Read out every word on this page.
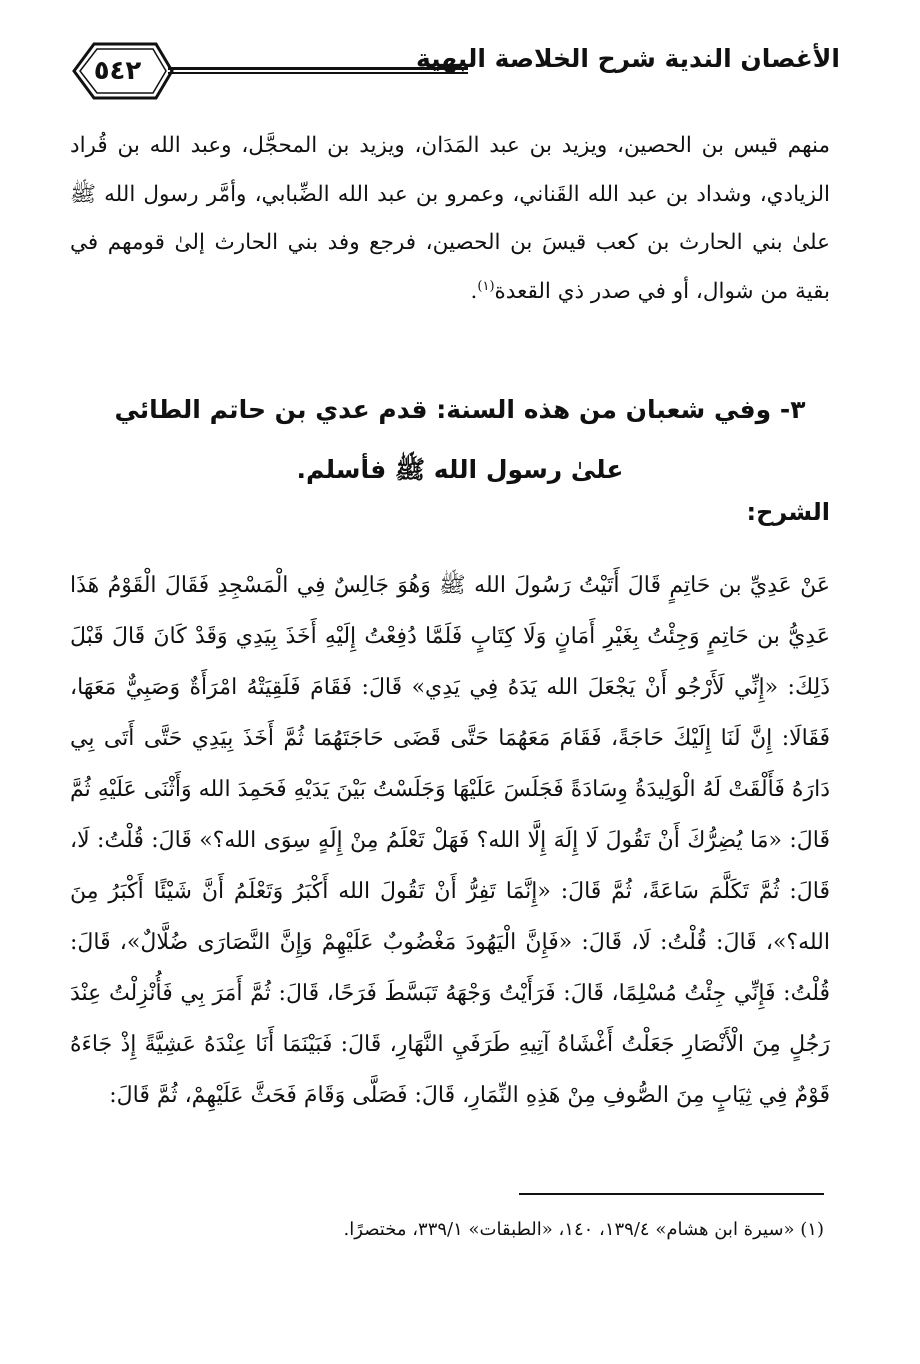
٥٤٢	الأغصان الندية شرح الخلاصة البهية
منهم قيس بن الحصين، ويزيد بن عبد المَدَان، ويزيد بن المحجَّل، وعبد الله بن قُراد الزيادي، وشداد بن عبد الله القَناني، وعمرو بن عبد الله الضِّبابي، وأمَّر رسول الله ﷺ علىٰ بني الحارث بن كعب قيسَ بن الحصين، فرجع وفد بني الحارث إلىٰ قومهم في بقية من شوال، أو في صدر ذي القعدة$^{(١)}$.
٣- وفي شعبان من هذه السنة: قدم عدي بن حاتم الطائي علىٰ رسول الله ﷺ فأسلم.
الشرح:
عَنْ عَدِيِّ بن حَاتِمٍ قَالَ أَتَيْتُ رَسُولَ الله ﷺ وَهُوَ جَالِسٌ فِي الْمَسْجِدِ فَقَالَ الْقَوْمُ هَذَا عَدِيُّ بن حَاتِمٍ وَجِئْتُ بِغَيْرِ أَمَانٍ وَلَا كِتَابٍ فَلَمَّا دُفِعْتُ إِلَيْهِ أَخَذَ بِيَدِي وَقَدْ كَانَ قَالَ قَبْلَ ذَلِكَ: «إِنِّي لَأَرْجُو أَنْ يَجْعَلَ الله يَدَهُ فِي يَدِي» قَالَ: فَقَامَ فَلَقِيَتْهُ امْرَأَةٌ وَصَبِيٌّ مَعَهَا، فَقَالَا: إِنَّ لَنَا إِلَيْكَ حَاجَةً، فَقَامَ مَعَهُمَا حَتَّى قَضَى حَاجَتَهُمَا ثُمَّ أَخَذَ بِيَدِي حَتَّى أَتَى بِي دَارَهُ فَأَلْقَتْ لَهُ الْوَلِيدَةُ وِسَادَةً فَجَلَسَ عَلَيْهَا وَجَلَسْتُ بَيْنَ يَدَيْهِ فَحَمِدَ الله وَأَثْنَى عَلَيْهِ ثُمَّ قَالَ: «مَا يُضِرُّكَ أَنْ تَقُولَ لَا إِلَهَ إِلَّا الله؟ فَهَلْ تَعْلَمُ مِنْ إِلَهٍ سِوَى الله؟» قَالَ: قُلْتُ: لَا، قَالَ: ثُمَّ تَكَلَّمَ سَاعَةً، ثُمَّ قَالَ: «إِنَّمَا تَفِرُّ أَنْ تَقُولَ الله أَكْبَرُ وَتَعْلَمُ أَنَّ شَيْئًا أَكْبَرُ مِنَ الله؟»، قَالَ: قُلْتُ: لَا، قَالَ: «فَإِنَّ الْيَهُودَ مَغْضُوبٌ عَلَيْهِمْ وَإِنَّ النَّصَارَى ضُلَّالٌ»، قَالَ: قُلْتُ: فَإِنِّي جِئْتُ مُسْلِمًا، قَالَ: فَرَأَيْتُ وَجْهَهُ تَبَسَّطَ فَرَحًا، قَالَ: ثُمَّ أَمَرَ بِي فَأُنْزِلْتُ عِنْدَ رَجُلٍ مِنَ الْأَنْصَارِ جَعَلْتُ أَغْشَاهُ آتِيهِ طَرَفَيِ النَّهَارِ، قَالَ: فَبَيْنَمَا أَنَا عِنْدَهُ عَشِيَّةً إِذْ جَاءَهُ قَوْمٌ فِي ثِيَابٍ مِنَ الصُّوفِ مِنْ هَذِهِ النِّمَارِ، قَالَ: فَصَلَّى وَقَامَ فَحَثَّ عَلَيْهِمْ، ثُمَّ قَالَ:
(١) «سيرة ابن هشام» ١٣٩/٤، ١٤٠، «الطبقات» ٣٣٩/١، مختصرًا.
